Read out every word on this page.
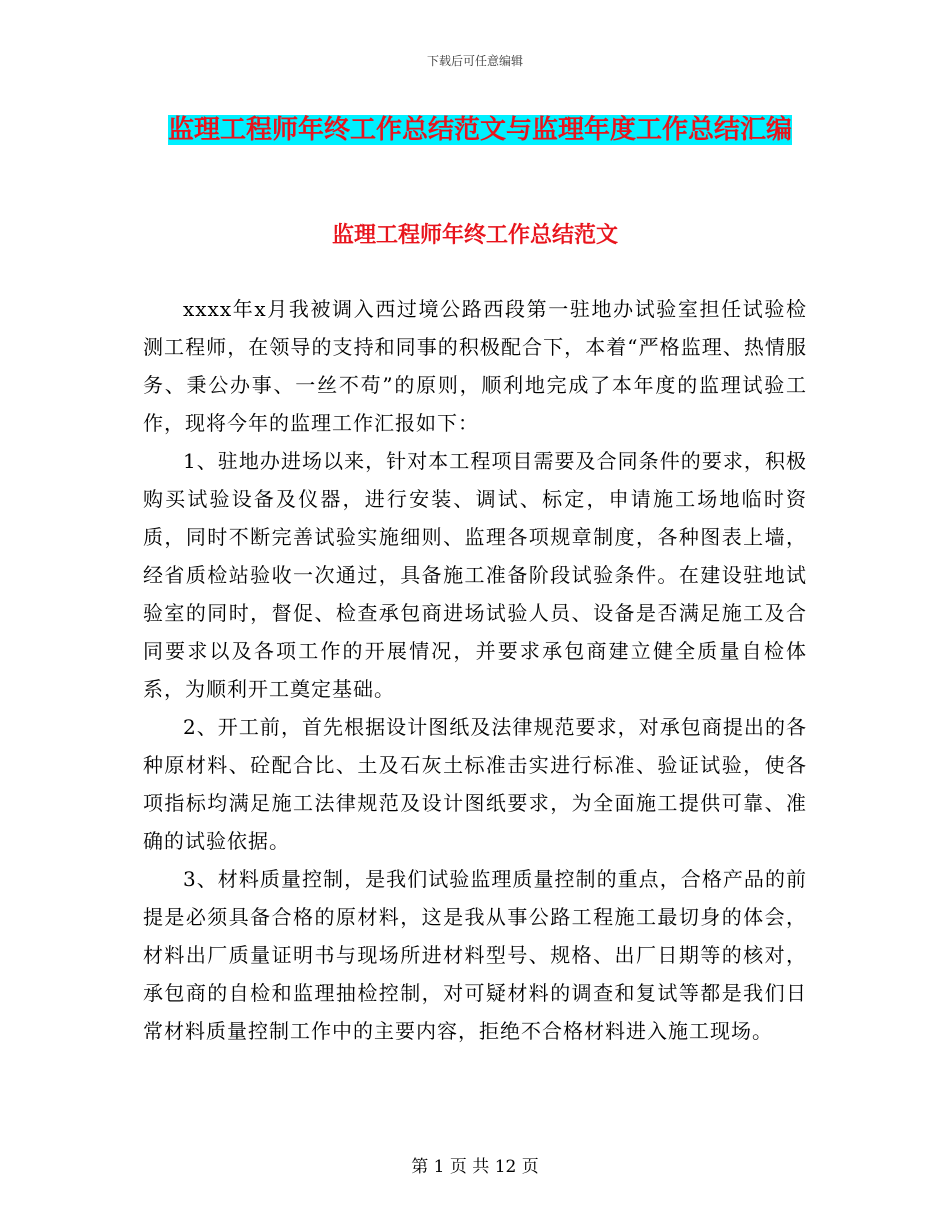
下载后可任意编辑
监理工程师年终工作总结范文与监理年度工作总结汇编
监理工程师年终工作总结范文

xxxx年x月我被调入西过境公路西段第一驻地办试验室担任试验检测工程师，在领导的支持和同事的积极配合下，本着“严格监理、热情服务、秉公办事、一丝不苟”的原则，顺利地完成了本年度的监理试验工作，现将今年的监理工作汇报如下：

1、驻地办进场以来，针对本工程项目需要及合同条件的要求，积极购买试验设备及仪器，进行安装、调试、标定，申请施工场地临时资质，同时不断完善试验实施细则、监理各项规章制度，各种图表上墙，经省质检站验收一次通过，具备施工准备阶段试验条件。在建设驻地试验室的同时，督促、检查承包商进场试验人员、设备是否满足施工及合同要求以及各项工作的开展情况，并要求承包商建立健全质量自检体系，为顺利开工奠定基础。

2、开工前，首先根据设计图纸及法律规范要求，对承包商提出的各种原材料、砼配合比、土及石灰土标准击实进行标准、验证试验，使各项指标均满足施工法律规范及设计图纸要求，为全面施工提供可靠、准确的试验依据。

3、材料质量控制，是我们试验监理质量控制的重点，合格产品的前提是必须具备合格的原材料，这是我从事公路工程施工最切身的体会，材料出厂质量证明书与现场所进材料型号、规格、出厂日期等的核对，承包商的自检和监理抽检控制，对可疑材料的调查和复试等都是我们日常材料质量控制工作中的主要内容，拒绝不合格材料进入施工现场。

第 1 页 共 12 页
